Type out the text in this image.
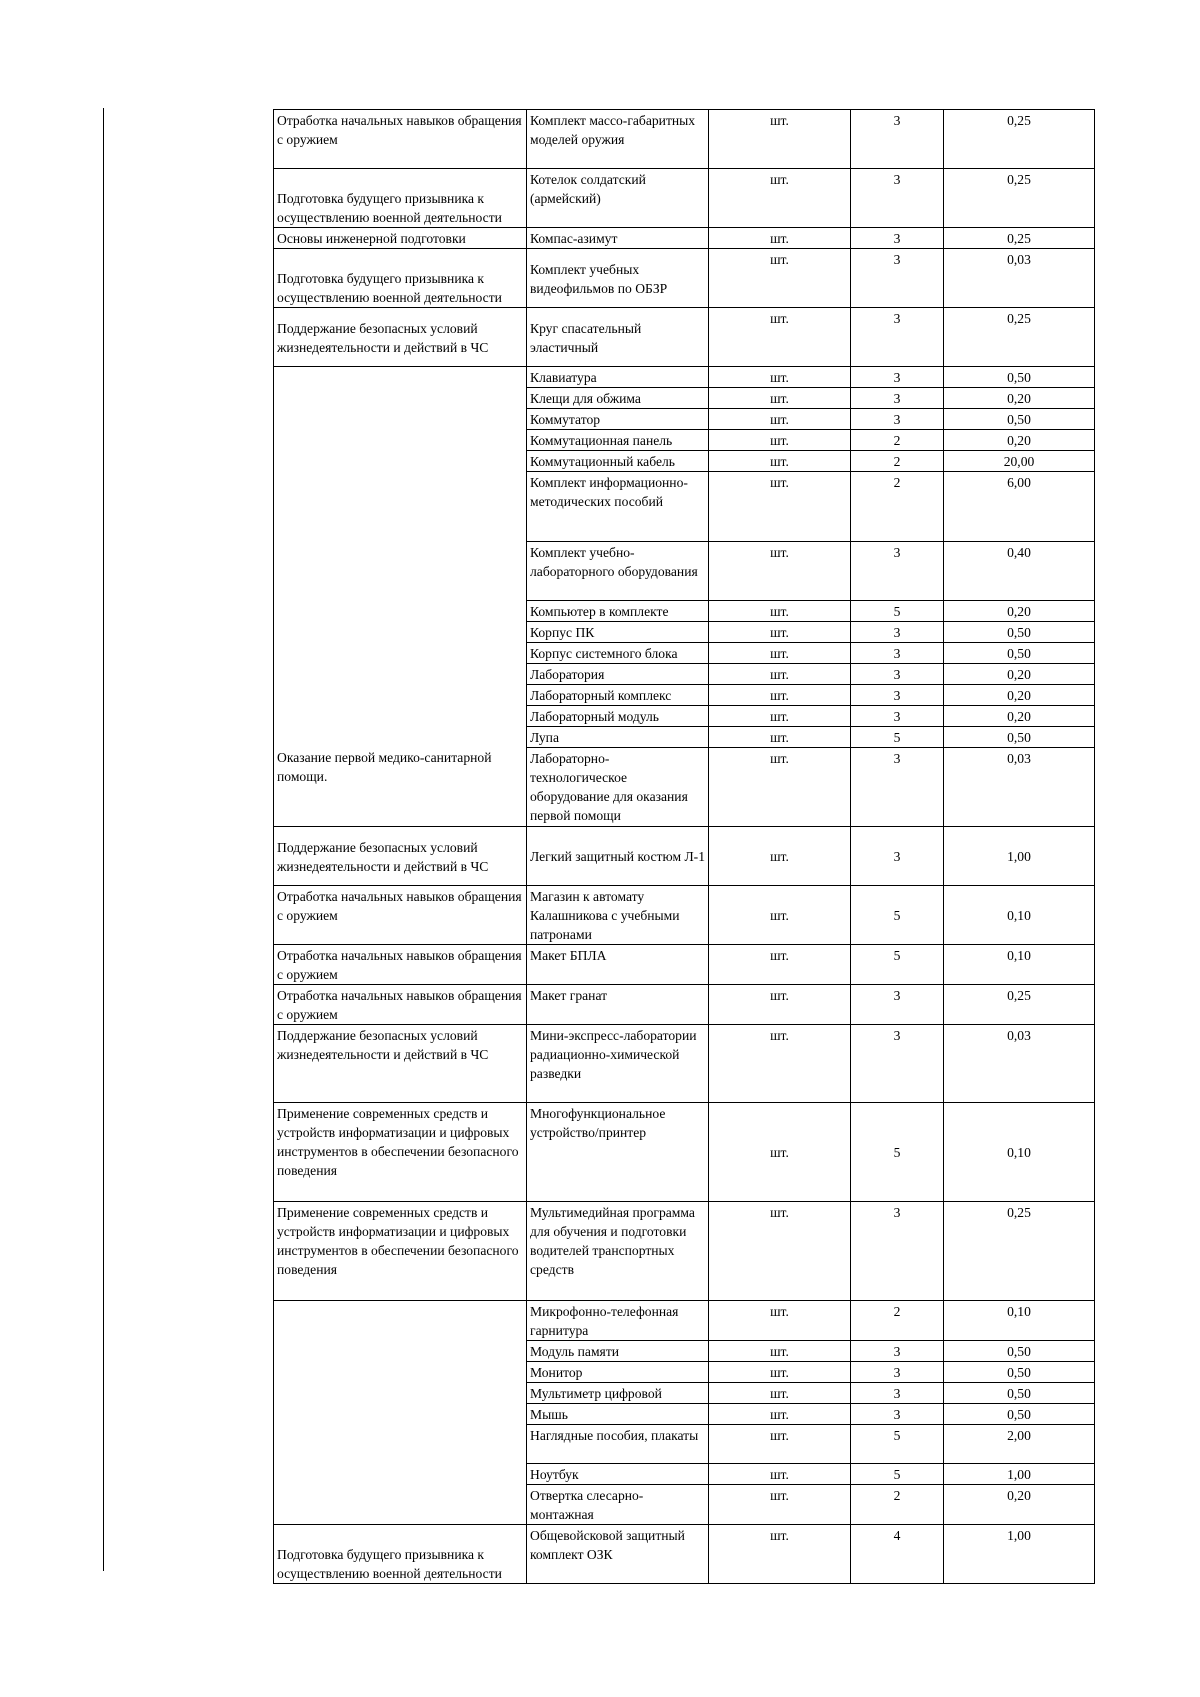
Отработка начальных навыков обращения с оружием	Комплект массо-габаритных моделей оружия	шт.	3	0,25
Подготовка будущего призывника к осуществлению военной деятельности	Котелок солдатский (армейский)	шт.	3	0,25
Основы инженерной подготовки	Компас-азимут	шт.	3	0,25
Подготовка будущего призывника к осуществлению военной деятельности	Комплект учебных видеофильмов по ОБЗР	шт.	3	0,03
Поддержание безопасных условий жизнедеятельности и действий в ЧС	Круг спасательный эластичный	шт.	3	0,25
Оказание первой медико-санитарной помощи.	Клавиатура	шт.	3	0,50
	Клещи для обжима	шт.	3	0,20
	Коммутатор	шт.	3	0,50
	Коммутационная панель	шт.	2	0,20
	Коммутационный кабель	шт.	2	20,00
	Комплект информационно-методических пособий	шт.	2	6,00
	Комплект учебно-лабораторного оборудования	шт.	3	0,40
	Компьютер в комплекте	шт.	5	0,20
	Корпус ПК	шт.	3	0,50
	Корпус системного блока	шт.	3	0,50
	Лаборатория	шт.	3	0,20
	Лабораторный комплекс	шт.	3	0,20
	Лабораторный модуль	шт.	3	0,20
	Лупа	шт.	5	0,50
	Лабораторно-технологическое оборудование для оказания первой помощи	шт.	3	0,03
Поддержание безопасных условий жизнедеятельности и действий в ЧС	Легкий защитный костюм Л-1	шт.	3	1,00
Отработка начальных навыков обращения с оружием	Магазин к автомату Калашникова с учебными патронами	шт.	5	0,10
Отработка начальных навыков обращения с оружием	Макет БПЛА	шт.	5	0,10
Отработка начальных навыков обращения с оружием	Макет гранат	шт.	3	0,25
Поддержание безопасных условий жизнедеятельности и действий в ЧС	Мини-экспресс-лаборатории радиационно-химической разведки	шт.	3	0,03
Применение современных средств и устройств информатизации и цифровых инструментов в обеспечении безопасного поведения	Многофункциональное устройство/принтер	шт.	5	0,10
Применение современных средств и устройств информатизации и цифровых инструментов в обеспечении безопасного поведения	Мультимедийная программа для обучения и подготовки водителей транспортных средств	шт.	3	0,25
	Микрофонно-телефонная гарнитура	шт.	2	0,10
	Модуль памяти	шт.	3	0,50
	Монитор	шт.	3	0,50
	Мультиметр цифровой	шт.	3	0,50
	Мышь	шт.	3	0,50
	Наглядные пособия, плакаты	шт.	5	2,00
	Ноутбук	шт.	5	1,00
	Отвертка слесарно-монтажная	шт.	2	0,20
Подготовка будущего призывника к осуществлению военной деятельности	Общевойсковой защитный комплект ОЗК	шт.	4	1,00
